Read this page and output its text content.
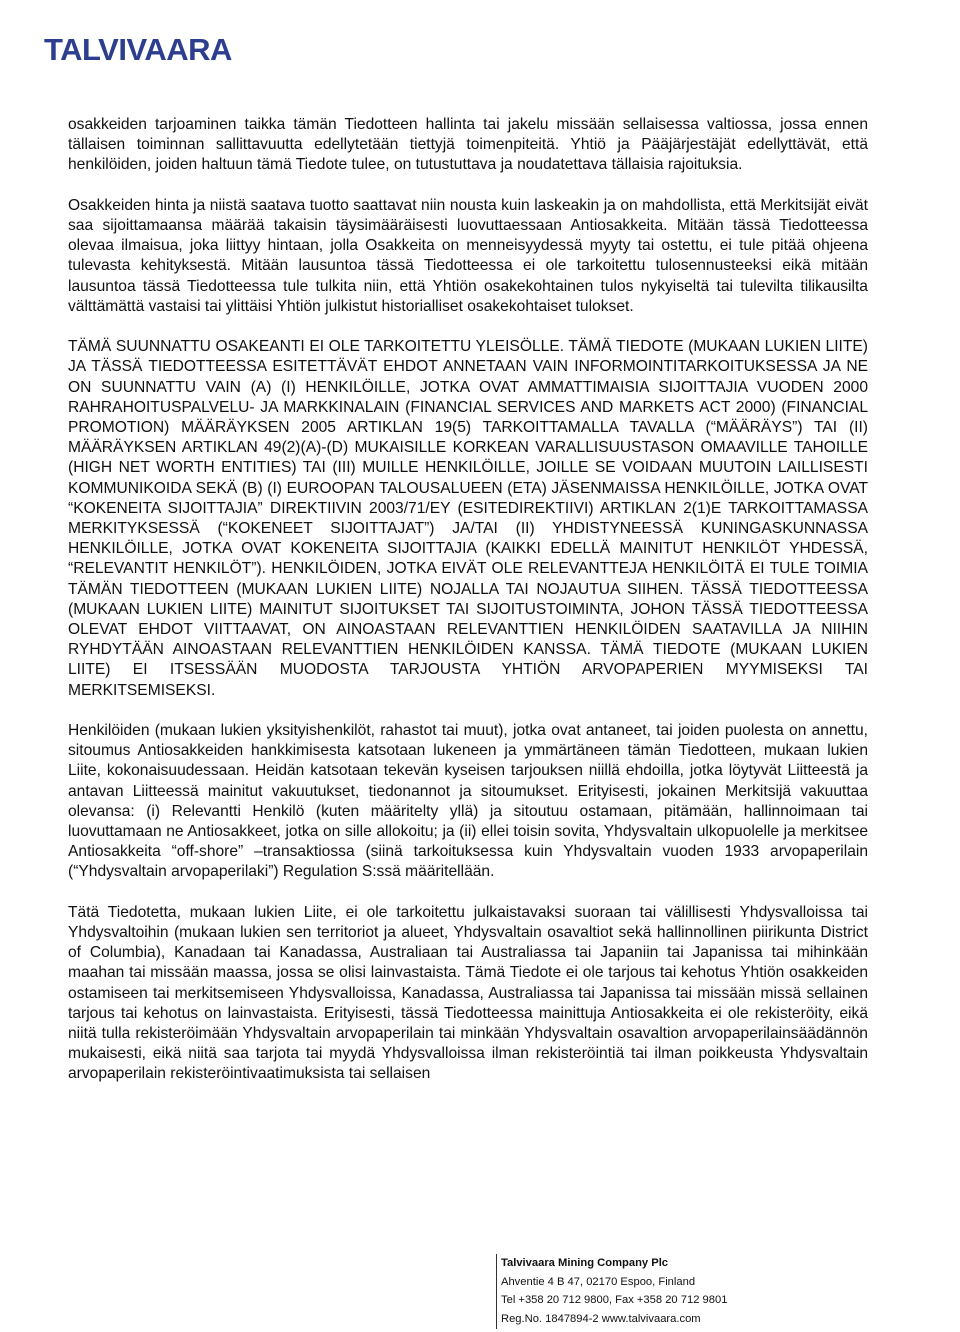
TALVIVAARA

osakkeiden tarjoaminen taikka tämän Tiedotteen hallinta tai jakelu missään sellaisessa valtiossa, jossa ennen tällaisen toiminnan sallittavuutta edellytetään tiettyjä toimenpiteitä. Yhtiö ja Pääjärjestäjät edellyttävät, että henkilöiden, joiden haltuun tämä Tiedote tulee, on tutustuttava ja noudatettava tällaisia rajoituksia.

Osakkeiden hinta ja niistä saatava tuotto saattavat niin nousta kuin laskeakin ja on mahdollista, että Merkitsijät eivät saa sijoittamaansa määrää takaisin täysimääräisesti luovuttaessaan Antiosakkeita. Mitään tässä Tiedotteessa olevaa ilmaisua, joka liittyy hintaan, jolla Osakkeita on menneisyydessä myyty tai ostettu, ei tule pitää ohjeena tulevasta kehityksestä. Mitään lausuntoa tässä Tiedotteessa ei ole tarkoitettu tulosennusteeksi eikä mitään lausuntoa tässä Tiedotteessa tule tulkita niin, että Yhtiön osakekohtainen tulos nykyiseltä tai tulevilta tilikausilta välttämättä vastaisi tai ylittäisi Yhtiön julkistut historialliset osakekohtaiset tulokset.

TÄMÄ SUUNNATTU OSAKEANTI EI OLE TARKOITETTU YLEISÖLLE. TÄMÄ TIEDOTE (MUKAAN LUKIEN LIITE) JA TÄSSÄ TIEDOTTEESSA ESITETTÄVÄT EHDOT ANNETAAN VAIN INFORMOINTITARKOITUKSESSA JA NE ON SUUNNATTU VAIN (A) (I) HENKILÖILLE, JOTKA OVAT AMMATTIMAISIA SIJOITTAJIA VUODEN 2000 RAHRAHOITUSPALVELU- JA MARKKINALAIN (FINANCIAL SERVICES AND MARKETS ACT 2000) (FINANCIAL PROMOTION) MÄÄRÄYKSEN 2005 ARTIKLAN 19(5) TARKOITTAMALLA TAVALLA (“MÄÄRÄYS”) TAI (II) MÄÄRÄYKSEN ARTIKLAN 49(2)(A)-(D) MUKAISILLE KORKEAN VARALLISUUSTASON OMAAVILLE TAHOILLE (HIGH NET WORTH ENTITIES) TAI (III) MUILLE HENKILÖILLE, JOILLE SE VOIDAAN MUUTOIN LAILLISESTI KOMMUNIKOIDA SEKÄ (B) (I) EUROOPAN TALOUSALUEEN (ETA) JÄSENMAISSA HENKILÖILLE, JOTKA OVAT “KOKENEITA SIJOITTAJIA” DIREKTIIVIN 2003/71/EY (ESITEDIREKTIIVI) ARTIKLAN 2(1)E TARKOITTAMASSA MERKITYKSESSÄ (“KOKENEET SIJOITTAJAT”) JA/TAI (II) YHDISTYNEESSÄ KUNINGASKUNNASSA HENKILÖILLE, JOTKA OVAT KOKENEITA SIJOITTAJIA (KAIKKI EDELLÄ MAINITUT HENKILÖT YHDESSÄ, “RELEVANTIT HENKILÖT”). HENKILÖIDEN, JOTKA EIVÄT OLE RELEVANTTEJA HENKILÖITÄ EI TULE TOIMIA TÄMÄN TIEDOTTEEN (MUKAAN LUKIEN LIITE) NOJALLA TAI NOJAUTUA SIIHEN. TÄSSÄ TIEDOTTEESSA (MUKAAN LUKIEN LIITE) MAINITUT SIJOITUKSET TAI SIJOITUSTOIMINTA, JOHON TÄSSÄ TIEDOTTEESSA OLEVAT EHDOT VIITTAAVAT, ON AINOASTAAN RELEVANTTIEN HENKILÖIDEN SAATAVILLA JA NIIHIN RYHDYTÄÄN AINOASTAAN RELEVANTTIEN HENKILÖIDEN KANSSA. TÄMÄ TIEDOTE (MUKAAN LUKIEN LIITE) EI ITSESSÄÄN MUODOSTA TARJOUSTA YHTIÖN ARVOPAPERIEN MYYMISEKSI TAI MERKITSEMISEKSI.

Henkilöiden (mukaan lukien yksityishenkilöt, rahastot tai muut), jotka ovat antaneet, tai joiden puolesta on annettu, sitoumus Antiosakkeiden hankkimisesta katsotaan lukeneen ja ymmärtäneen tämän Tiedotteen, mukaan lukien Liite, kokonaisuudessaan. Heidän katsotaan tekevän kyseisen tarjouksen niillä ehdoilla, jotka löytyvät Liitteestä ja antavan Liitteessä mainitut vakuutukset, tiedonannot ja sitoumukset. Erityisesti, jokainen Merkitsijä vakuuttaa olevansa: (i) Relevantti Henkilö (kuten määritelty yllä) ja sitoutuu ostamaan, pitämään, hallinnoimaan tai luovuttamaan ne Antiosakkeet, jotka on sille allokoitu; ja (ii) ellei toisin sovita, Yhdysvaltain ulkopuolelle ja merkitsee Antiosakkeita “off-shore” –transaktiossa (siinä tarkoituksessa kuin Yhdysvaltain vuoden 1933 arvopaperilain (“Yhdysvaltain arvopaperilaki”) Regulation S:ssä määritellään.

Tätä Tiedotetta, mukaan lukien Liite, ei ole tarkoitettu julkaistavaksi suoraan tai välillisesti Yhdysvalloissa tai Yhdysvaltoihin (mukaan lukien sen territoriot ja alueet, Yhdysvaltain osavaltiot sekä hallinnollinen piirikunta District of Columbia), Kanadaan tai Kanadassa, Australiaan tai Australiassa tai Japaniin tai Japanissa tai mihinkään maahan tai missään maassa, jossa se olisi lainvastaista. Tämä Tiedote ei ole tarjous tai kehotus Yhtiön osakkeiden ostamiseen tai merkitsemiseen Yhdysvalloissa, Kanadassa, Australiassa tai Japanissa tai missään missä sellainen tarjous tai kehotus on lainvastaista. Erityisesti, tässä Tiedotteessa mainittuja Antiosakkeita ei ole rekisteröity, eikä niitä tulla rekisteröimään Yhdysvaltain arvopaperilain tai minkään Yhdysvaltain osavaltion arvopaperilainsäädännön mukaisesti, eikä niitä saa tarjota tai myydä Yhdysvalloissa ilman rekisteröintiä tai ilman poikkeusta Yhdysvaltain arvopaperilain rekisteröintivaatimuksista tai sellaisen

Talvivaara Mining Company Plc
Ahventie 4 B 47, 02170 Espoo, Finland
Tel +358 20 712 9800, Fax +358 20 712 9801
Reg.No. 1847894-2 www.talvivaara.com
